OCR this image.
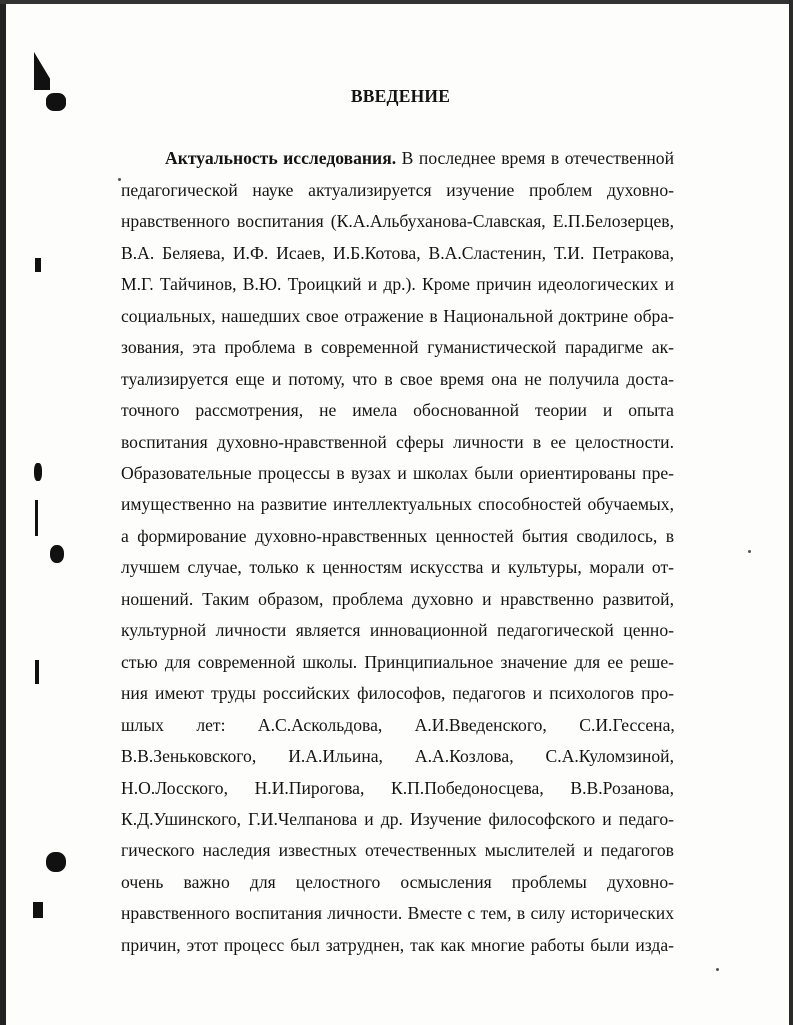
ВВЕДЕНИЕ
Актуальность исследования. В последнее время в отечественной
педагогической науке актуализируется изучение проблем духовно-
нравственного воспитания (К.А.Альбуханова-Славская, Е.П.Белозерцев,
В.А. Беляева, И.Ф. Исаев, И.Б.Котова, В.А.Сластенин, Т.И. Петракова,
М.Г. Тайчинов, В.Ю. Троицкий и др.). Кроме причин идеологических и
социальных, нашедших свое отражение в Национальной доктрине обра-
зования, эта проблема в современной гуманистической парадигме ак-
туализируется еще и потому, что в свое время она не получила доста-
точного рассмотрения, не имела обоснованной теории и опыта
воспитания духовно-нравственной сферы личности в ее целостности.
Образовательные процессы в вузах и школах были ориентированы пре-
имущественно на развитие интеллектуальных способностей обучаемых,
а формирование духовно-нравственных ценностей бытия сводилось, в
лучшем случае, только к ценностям искусства и культуры, морали от-
ношений. Таким образом, проблема духовно и нравственно развитой,
культурной личности является инновационной педагогической ценно-
стью для современной школы. Принципиальное значение для ее реше-
ния имеют труды российских философов, педагогов и психологов про-
шлых лет: А.С.Аскольдова, А.И.Введенского, С.И.Гессена,
В.В.Зеньковского, И.А.Ильина, А.А.Козлова, С.А.Куломзиной,
Н.О.Лосского, Н.И.Пирогова, К.П.Победоносцева, В.В.Розанова,
К.Д.Ушинского, Г.И.Челпанова и др. Изучение философского и педаго-
гического наследия известных отечественных мыслителей и педагогов
очень важно для целостного осмысления проблемы духовно-
нравственного воспитания личности. Вместе с тем, в силу исторических
причин, этот процесс был затруднен, так как многие работы были изда-
